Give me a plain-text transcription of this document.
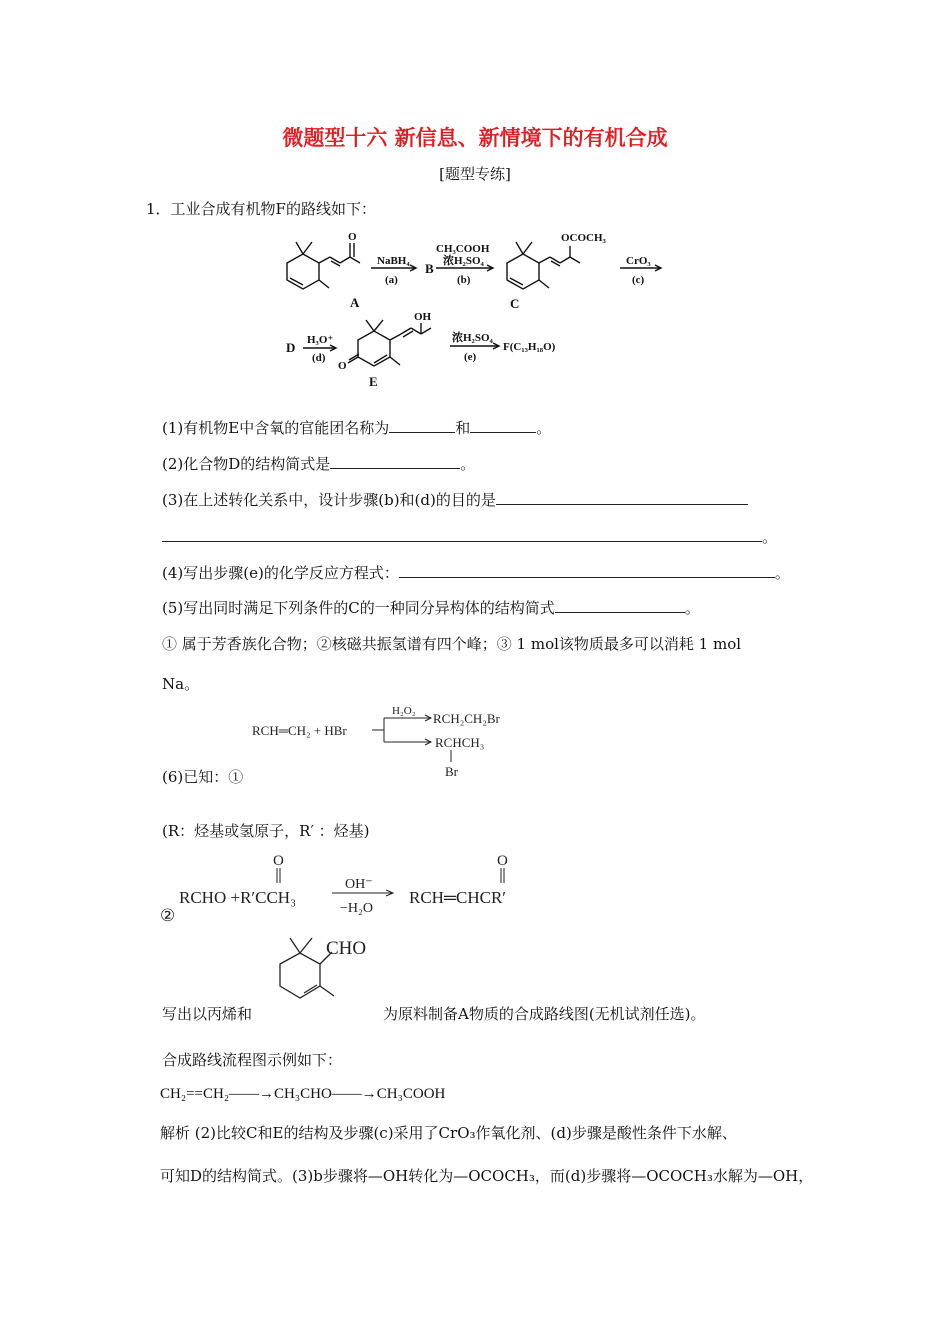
微题型十六 新信息、新情境下的有机合成
[题型专练]
1．工业合成有机物F的路线如下：
O
NaBH₄
(a)
B
CH₃COOH
浓H₂SO₄
(b)
OCOCH₃
CrO₃
(c)
A	C
D H₃O⁺
(d)
O
OH
E
浓H₂SO₄
(e)
F(C₁₃H₁₈O)
(1)有机物E中含氧的官能团名称为	和	。
(2)化合物D的结构简式是	。
(3)在上述转化关系中，设计步骤(b)和(d)的目的是
。
(4)写出步骤(e)的化学反应方程式：	。
(5)写出同时满足下列条件的C的一种同分异构体的结构简式	。
① 属于芳香族化合物；②核磁共振氢谱有四个峰；③ 1 mol该物质最多可以消耗 1 mol
Na。
RCH═CH₂ + HBr
H₂O₂ RCH₂CH₂Br
RCHCH₃
Br
(6)已知：①
(R：烃基或氢原子，R′ ：烃基)
O
RCHO +R′CCH₃
②
OH⁻
−H₂O
RCH═CHCR′
O
CHO
写出以丙烯和	为原料制备A物质的合成路线图(无机试剂任选)。
合成路线流程图示例如下：
CH₂==CH₂——→CH₃CHO——→CH₃COOH
解析 (2)比较C和E的结构及步骤(c)采用了CrO₃作氧化剂、(d)步骤是酸性条件下水解、
可知D的结构简式。(3)b步骤将—OH转化为—OCOCH₃，而(d)步骤将—OCOCH₃水解为—OH，
